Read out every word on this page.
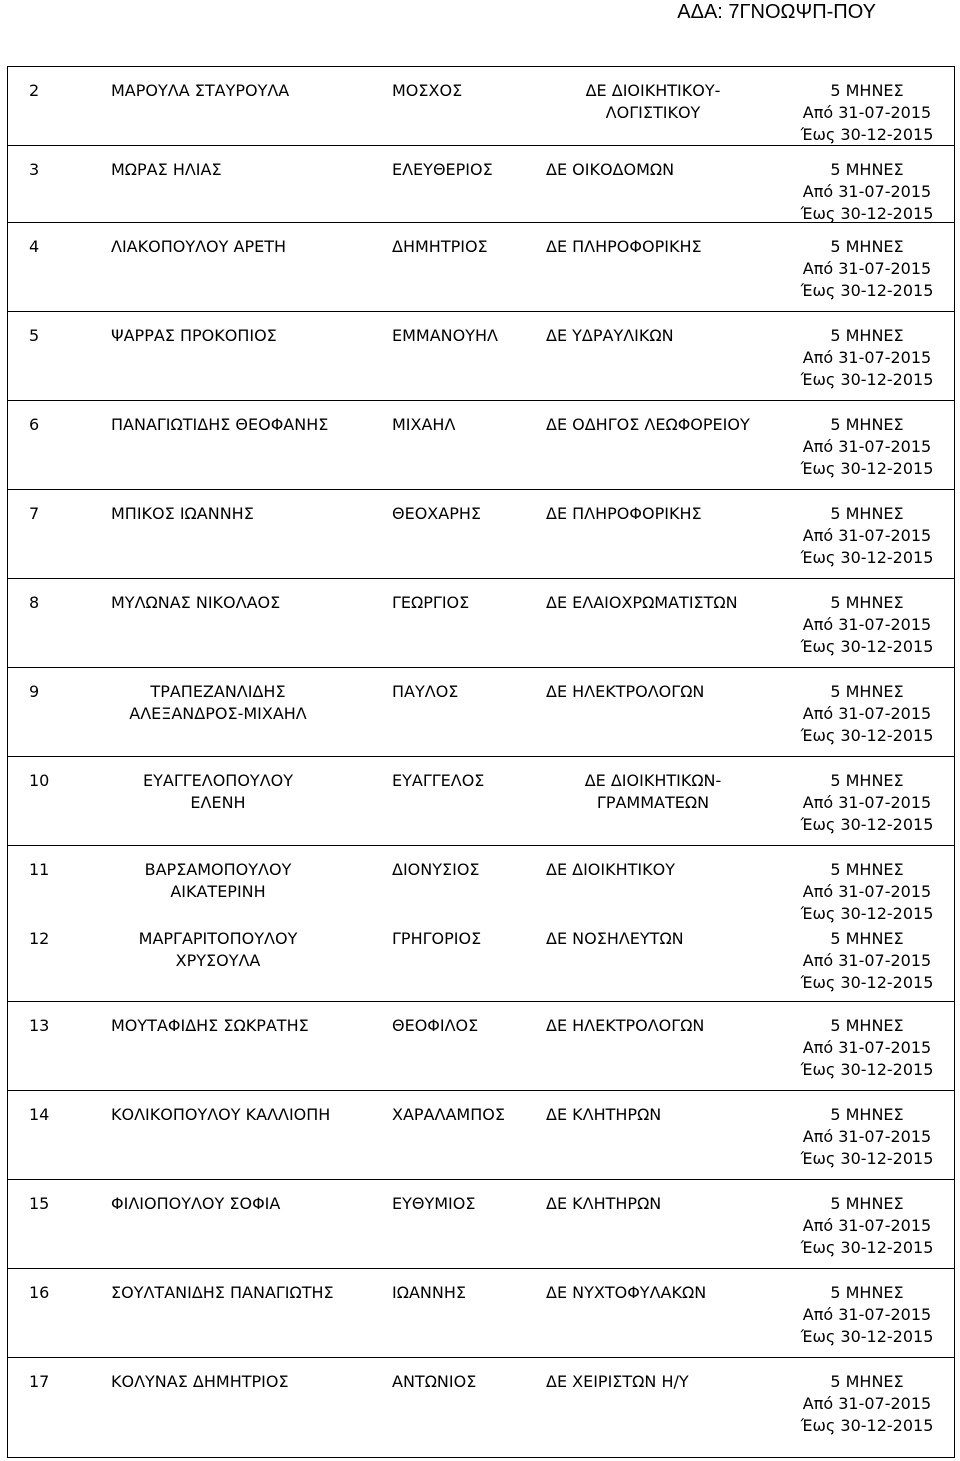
ΑΔΑ: 7ΓΝΟΩΨΠ-ΠΟΥ
2	ΜΑΡΟΥΛΑ ΣΤΑΥΡΟΥΛΑ	ΜΟΣΧΟΣ	ΔΕ ΔΙΟΙΚΗΤΙΚΟΥ-
ΛΟΓΙΣΤΙΚΟΥ
5 ΜΗΝΕΣ
Από 31-07-2015
Έως 30-12-2015
3	ΜΩΡΑΣ ΗΛΙΑΣ	ΕΛΕΥΘΕΡΙΟΣ	ΔΕ ΟΙΚΟΔΟΜΩΝ	5 ΜΗΝΕΣ
Από 31-07-2015
Έως 30-12-2015
4	ΛΙΑΚΟΠΟΥΛΟΥ ΑΡΕΤΗ	ΔΗΜΗΤΡΙΟΣ	ΔΕ ΠΛΗΡΟΦΟΡΙΚΗΣ	5 ΜΗΝΕΣ
Από 31-07-2015
Έως 30-12-2015
5	ΨΑΡΡΑΣ ΠΡΟΚΟΠΙΟΣ	ΕΜΜΑΝΟΥΗΛ	ΔΕ ΥΔΡΑΥΛΙΚΩΝ	5 ΜΗΝΕΣ
Από 31-07-2015
Έως 30-12-2015
6	ΠΑΝΑΓΙΩΤΙΔΗΣ ΘΕΟΦΑΝΗΣ	ΜΙΧΑΗΛ	ΔΕ ΟΔΗΓΟΣ ΛΕΩΦΟΡΕΙΟΥ	5 ΜΗΝΕΣ
Από 31-07-2015
Έως 30-12-2015
7	ΜΠΙΚΟΣ ΙΩΑΝΝΗΣ	ΘΕΟΧΑΡΗΣ	ΔΕ ΠΛΗΡΟΦΟΡΙΚΗΣ	5 ΜΗΝΕΣ
Από 31-07-2015
Έως 30-12-2015
8	ΜΥΛΩΝΑΣ ΝΙΚΟΛΑΟΣ	ΓΕΩΡΓΙΟΣ	ΔΕ ΕΛΑΙΟΧΡΩΜΑΤΙΣΤΩΝ	5 ΜΗΝΕΣ
Από 31-07-2015
Έως 30-12-2015
9	ΤΡΑΠΕΖΑΝΛΙΔΗΣ
ΑΛΕΞΑΝΔΡΟΣ-ΜΙΧΑΗΛ
ΠΑΥΛΟΣ	ΔΕ ΗΛΕΚΤΡΟΛΟΓΩΝ	5 ΜΗΝΕΣ
Από 31-07-2015
Έως 30-12-2015
10	ΕΥΑΓΓΕΛΟΠΟΥΛΟΥ
ΕΛΕΝΗ
ΕΥΑΓΓΕΛΟΣ	ΔΕ ΔΙΟΙΚΗΤΙΚΩΝ-
ΓΡΑΜΜΑΤΕΩΝ
5 ΜΗΝΕΣ
Από 31-07-2015
Έως 30-12-2015
11	ΒΑΡΣΑΜΟΠΟΥΛΟΥ
ΑΙΚΑΤΕΡΙΝΗ
ΔΙΟΝΥΣΙΟΣ	ΔΕ ΔΙΟΙΚΗΤΙΚΟΥ	5 ΜΗΝΕΣ
Από 31-07-2015
Έως 30-12-2015
12	ΜΑΡΓΑΡΙΤΟΠΟΥΛΟΥ
ΧΡΥΣΟΥΛΑ
ΓΡΗΓΟΡΙΟΣ	ΔΕ ΝΟΣΗΛΕΥΤΩΝ	5 ΜΗΝΕΣ
Από 31-07-2015
Έως 30-12-2015
13	ΜΟΥΤΑΦΙΔΗΣ ΣΩΚΡΑΤΗΣ	ΘΕΟΦΙΛΟΣ	ΔΕ ΗΛΕΚΤΡΟΛΟΓΩΝ	5 ΜΗΝΕΣ
Από 31-07-2015
Έως 30-12-2015
14	ΚΟΛΙΚΟΠΟΥΛΟΥ ΚΑΛΛΙΟΠΗ	ΧΑΡΑΛΑΜΠΟΣ	ΔΕ ΚΛΗΤΗΡΩΝ	5 ΜΗΝΕΣ
Από 31-07-2015
Έως 30-12-2015
15	ΦΙΛΙΟΠΟΥΛΟΥ ΣΟΦΙΑ	ΕΥΘΥΜΙΟΣ	ΔΕ ΚΛΗΤΗΡΩΝ	5 ΜΗΝΕΣ
Από 31-07-2015
Έως 30-12-2015
16	ΣΟΥΛΤΑΝΙΔΗΣ ΠΑΝΑΓΙΩΤΗΣ	ΙΩΑΝΝΗΣ	ΔΕ ΝΥΧΤΟΦΥΛΑΚΩΝ	5 ΜΗΝΕΣ
Από 31-07-2015
Έως 30-12-2015
17	ΚΟΛΥΝΑΣ ΔΗΜΗΤΡΙΟΣ	ΑΝΤΩΝΙΟΣ	ΔΕ ΧΕΙΡΙΣΤΩΝ Η/Υ	5 ΜΗΝΕΣ
Από 31-07-2015
Έως 30-12-2015
